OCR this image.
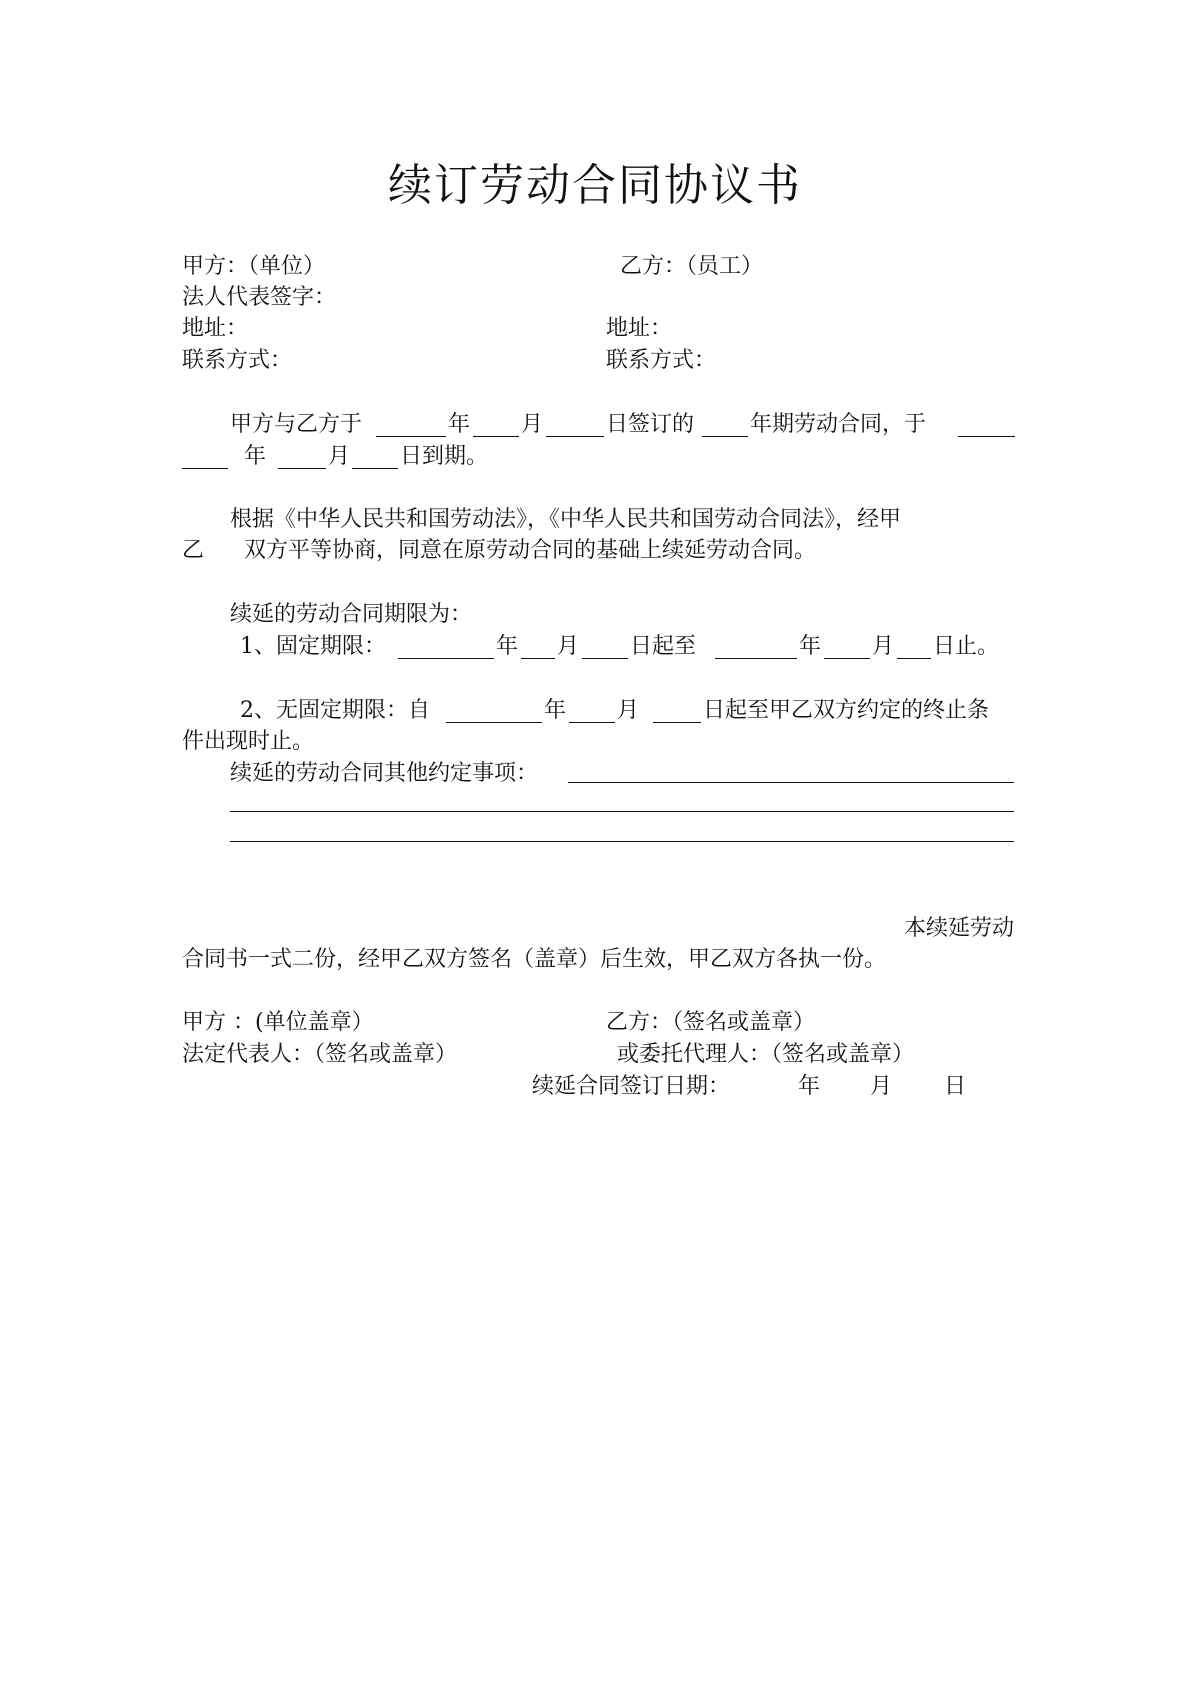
续订劳动合同协议书
甲方：（单位）	乙方：（员工）
法人代表签字：
地址：	地址：
联系方式：	联系方式：
甲方与乙方于	年 月	日签订的	年期劳动合同，于
年	月 日到期。
根据《中华人民共和国劳动法》，《中华人民共和国劳动合同法》，经甲
乙 双方平等协商，同意在原劳动合同的基础上续延劳动合同。
续延的劳动合同期限为：
1、固定期限：	年 月 日起至	年 月 日止。
2、无固定期限：自	年 月	日起至甲乙双方约定的终止条
件出现时止。
续延的劳动合同其他约定事项：
本续延劳动
合同书一式二份，经甲乙双方签名（盖章）后生效，甲乙双方各执一份。
甲方 ：(单位盖章）	乙方：（签名或盖章）
法定代表人：（签名或盖章）	或委托代理人：（签名或盖章）
续延合同签订日期：	年 月 日
